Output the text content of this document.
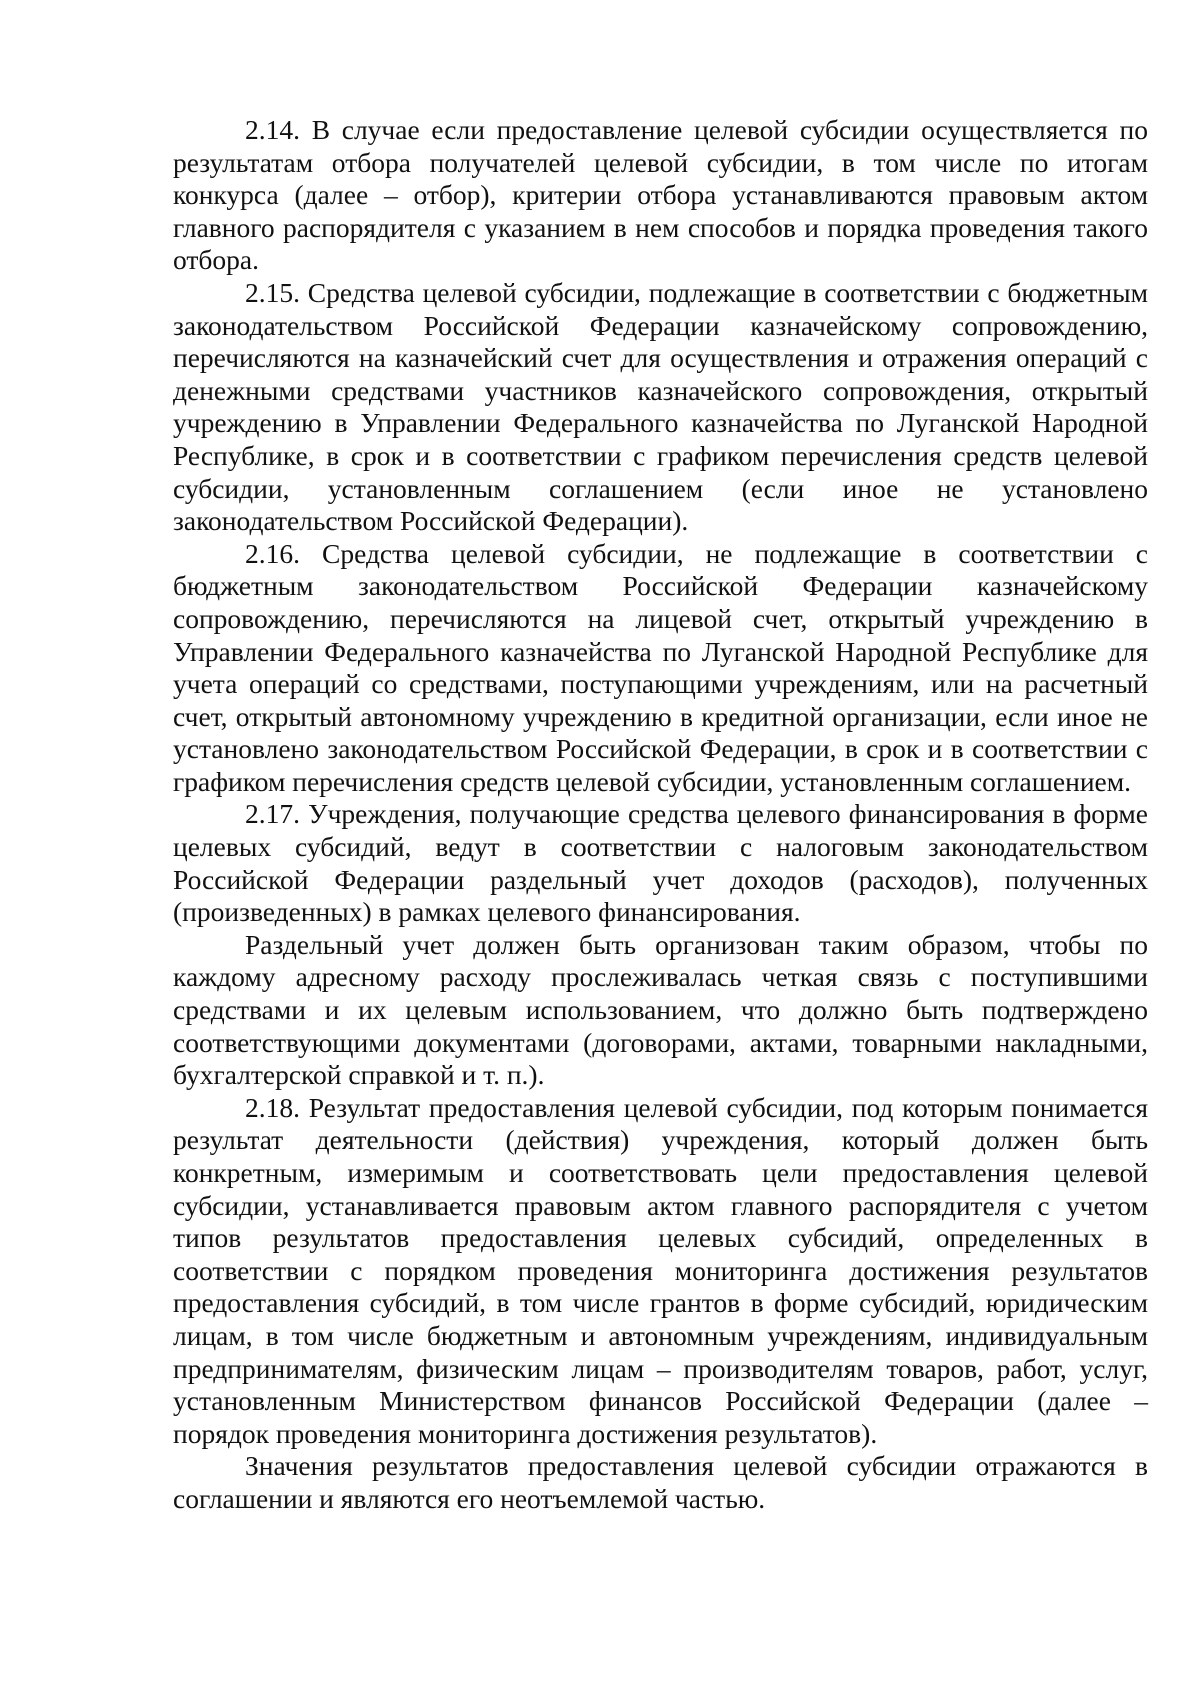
2.14. В случае если предоставление целевой субсидии осуществляется по результатам отбора получателей целевой субсидии, в том числе по итогам конкурса (далее – отбор), критерии отбора устанавливаются правовым актом главного распорядителя с указанием в нем способов и порядка проведения такого отбора.

2.15. Средства целевой субсидии, подлежащие в соответствии с бюджетным законодательством Российской Федерации казначейскому сопровождению, перечисляются на казначейский счет для осуществления и отражения операций с денежными средствами участников казначейского сопровождения, открытый учреждению в Управлении Федерального казначейства по Луганской Народной Республике, в срок и в соответствии с графиком перечисления средств целевой субсидии, установленным соглашением (если иное не установлено законодательством Российской Федерации).

2.16. Средства целевой субсидии, не подлежащие в соответствии с бюджетным законодательством Российской Федерации казначейскому сопровождению, перечисляются на лицевой счет, открытый учреждению в Управлении Федерального казначейства по Луганской Народной Республике для учета операций со средствами, поступающими учреждениям, или на расчетный счет, открытый автономному учреждению в кредитной организации, если иное не установлено законодательством Российской Федерации, в срок и в соответствии с графиком перечисления средств целевой субсидии, установленным соглашением.

2.17. Учреждения, получающие средства целевого финансирования в форме целевых субсидий, ведут в соответствии с налоговым законодательством Российской Федерации раздельный учет доходов (расходов), полученных (произведенных) в рамках целевого финансирования.

Раздельный учет должен быть организован таким образом, чтобы по каждому адресному расходу прослеживалась четкая связь с поступившими средствами и их целевым использованием, что должно быть подтверждено соответствующими документами (договорами, актами, товарными накладными, бухгалтерской справкой и т. п.).

2.18. Результат предоставления целевой субсидии, под которым понимается результат деятельности (действия) учреждения, который должен быть конкретным, измеримым и соответствовать цели предоставления целевой субсидии, устанавливается правовым актом главного распорядителя с учетом типов результатов предоставления целевых субсидий, определенных в соответствии с порядком проведения мониторинга достижения результатов предоставления субсидий, в том числе грантов в форме субсидий, юридическим лицам, в том числе бюджетным и автономным учреждениям, индивидуальным предпринимателям, физическим лицам – производителям товаров, работ, услуг, установленным Министерством финансов Российской Федерации (далее – порядок проведения мониторинга достижения результатов).

Значения результатов предоставления целевой субсидии отражаются в соглашении и являются его неотъемлемой частью.
